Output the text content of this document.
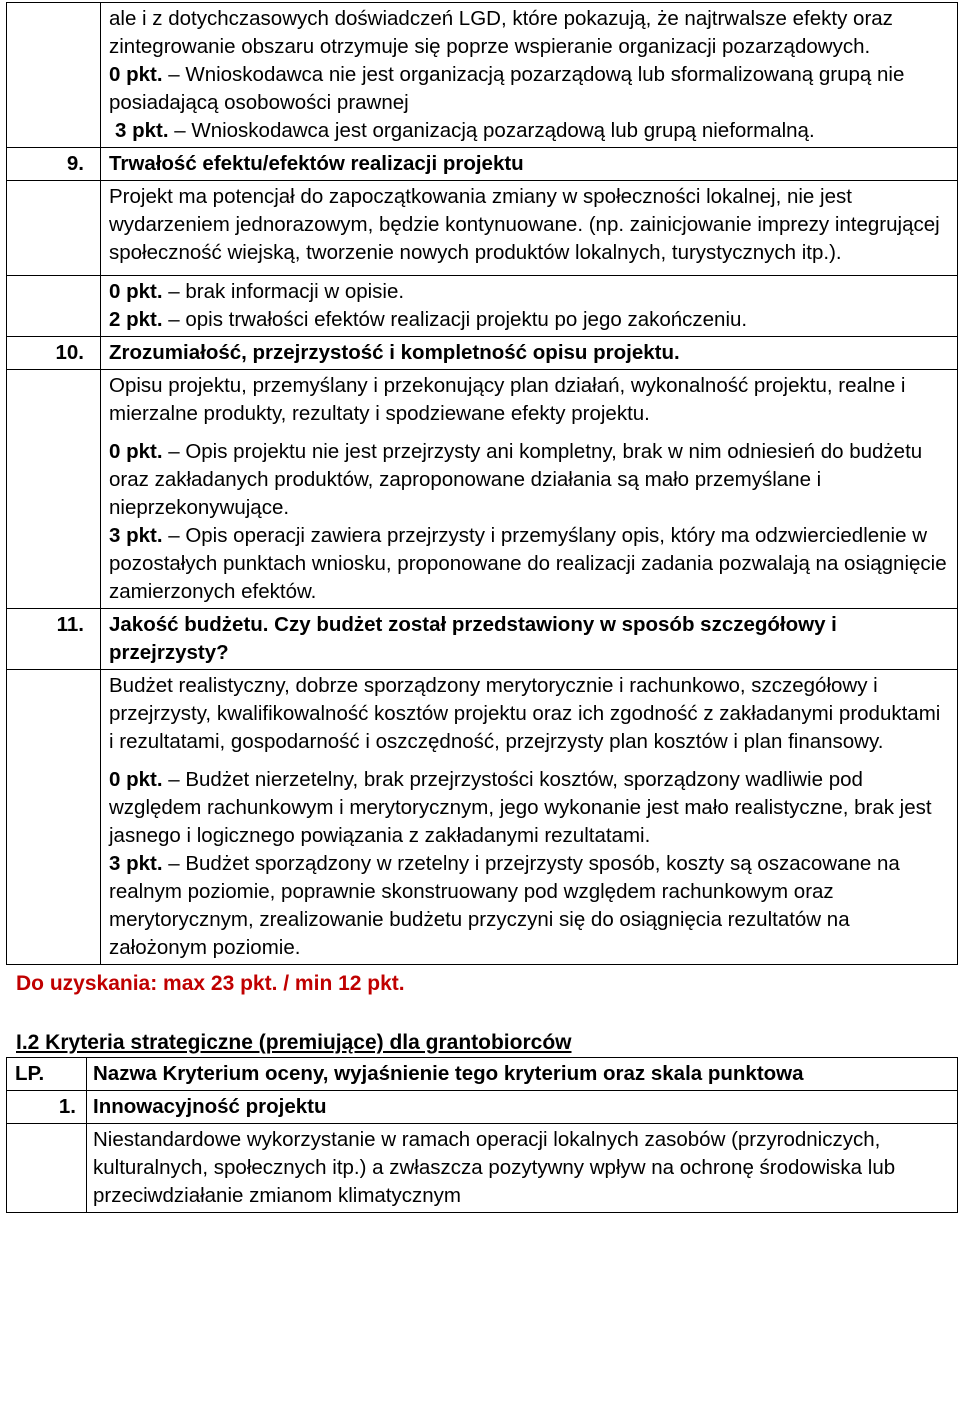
	ale i z dotychczasowych doświadczeń LGD, które pokazują, że najtrwalsze efekty oraz zintegrowanie obszaru otrzymuje się poprze wspieranie organizacji pozarządowych.

0 pkt. – Wnioskodawca nie jest organizacją pozarządową lub sformalizowaną grupą nie posiadającą osobowości prawnej

3 pkt. – Wnioskodawca jest organizacją pozarządową lub grupą nieformalną.

9.	Trwałość efektu/efektów realizacji projektu

	Projekt ma potencjał do zapoczątkowania zmiany w społeczności lokalnej, nie jest wydarzeniem jednorazowym, będzie kontynuowane. (np. zainicjowanie imprezy integrującej społeczność wiejską, tworzenie nowych produktów lokalnych, turystycznych itp.).

	0 pkt. – brak informacji w opisie.

2 pkt. – opis trwałości efektów realizacji projektu po jego zakończeniu.

10.	Zrozumiałość, przejrzystość i kompletność opisu projektu.

	Opisu projektu, przemyślany i przekonujący plan działań, wykonalność projektu, realne i mierzalne produkty, rezultaty i spodziewane efekty projektu.

0 pkt. – Opis projektu nie jest przejrzysty ani kompletny, brak w nim odniesień do budżetu oraz zakładanych produktów, zaproponowane działania są mało przemyślane i nieprzekonywujące.

3 pkt. – Opis operacji zawiera przejrzysty i przemyślany opis, który ma odzwierciedlenie w pozostałych punktach wniosku, proponowane do realizacji zadania pozwalają na osiągnięcie zamierzonych efektów.

11.	Jakość budżetu. Czy budżet został przedstawiony w sposób szczegółowy i przejrzysty?

	Budżet realistyczny, dobrze sporządzony merytorycznie i rachunkowo, szczegółowy i przejrzysty, kwalifikowalność kosztów projektu oraz ich zgodność z zakładanymi produktami i rezultatami, gospodarność i oszczędność, przejrzysty plan kosztów i plan finansowy.

0 pkt. – Budżet nierzetelny, brak przejrzystości kosztów, sporządzony wadliwie pod względem rachunkowym i merytorycznym, jego wykonanie jest mało realistyczne, brak jest jasnego i logicznego powiązania z zakładanymi rezultatami.

3 pkt. – Budżet sporządzony w rzetelny i przejrzysty sposób, koszty są oszacowane na realnym poziomie, poprawnie skonstruowany pod względem rachunkowym oraz merytorycznym, zrealizowanie budżetu przyczyni się do osiągnięcia rezultatów na założonym poziomie.

Do uzyskania: max 23 pkt. / min 12 pkt.
I.2 Kryteria strategiczne (premiujące) dla grantobiorców
LP.	Nazwa Kryterium oceny, wyjaśnienie tego kryterium oraz skala punktowa
1.	Innowacyjność projektu
	Niestandardowe wykorzystanie w ramach operacji lokalnych zasobów (przyrodniczych, kulturalnych, społecznych itp.) a zwłaszcza pozytywny wpływ na ochronę środowiska lub przeciwdziałanie zmianom klimatycznym
